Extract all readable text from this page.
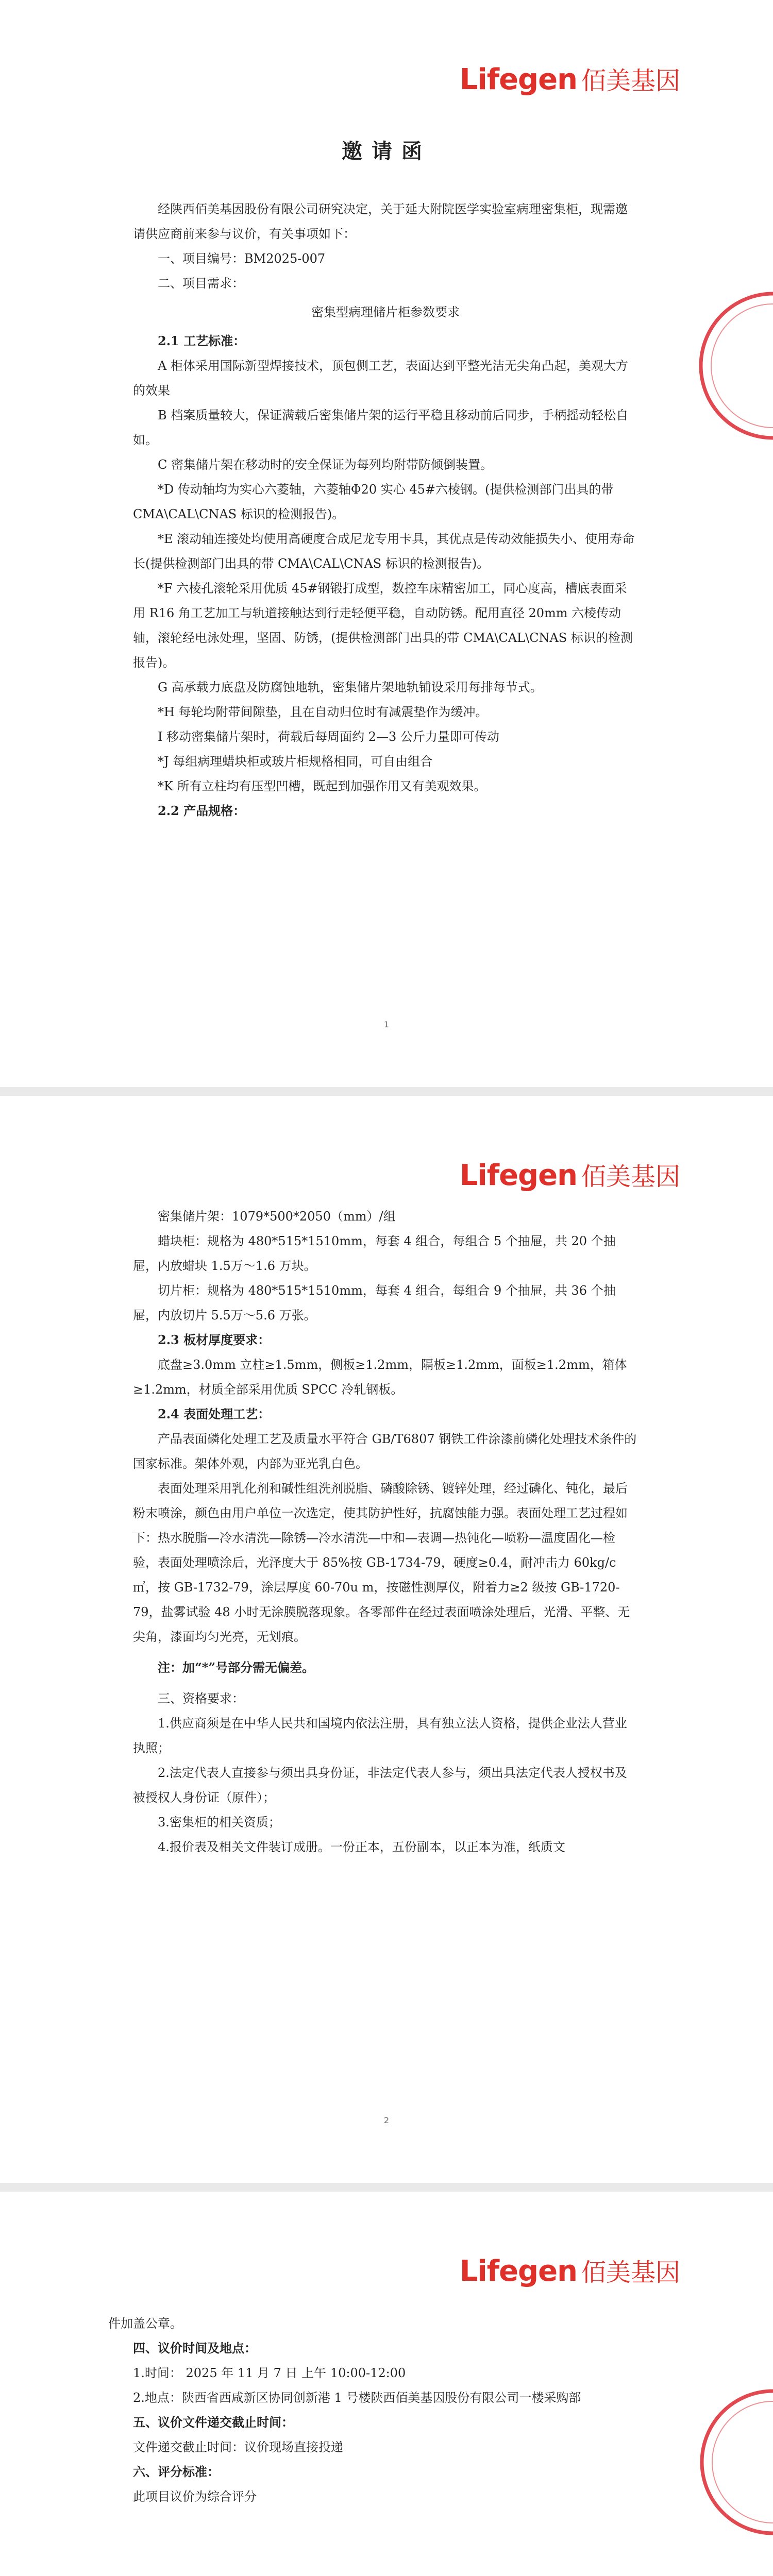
Lifegen 佰美基因
邀请函

经陕西佰美基因股份有限公司研究决定，关于延大附院医学实验室病理密集柜，现需邀请供应商前来参与议价，有关事项如下：

一、项目编号：BM2025-007

二、项目需求：

密集型病理储片柜参数要求

2.1 工艺标准：

A 柜体采用国际新型焊接技术，顶包侧工艺，表面达到平整光洁无尖角凸起，美观大方的效果

B 档案质量较大，保证满载后密集储片架的运行平稳且移动前后同步，手柄摇动轻松自如。

C 密集储片架在移动时的安全保证为每列均附带防倾倒装置。

*D 传动轴均为实心六菱轴，六菱轴Φ20 实心 45#六棱钢。(提供检测部门出具的带 CMA\CAL\CNAS 标识的检测报告)。

*E 滚动轴连接处均使用高硬度合成尼龙专用卡具，其优点是传动效能损失小、使用寿命长(提供检测部门出具的带 CMA\CAL\CNAS 标识的检测报告)。

*F 六棱孔滚轮采用优质 45#钢锻打成型，数控车床精密加工，同心度高，槽底表面采用 R16 角工艺加工与轨道接触达到行走轻便平稳，自动防锈。配用直径 20mm 六棱传动轴，滚轮经电泳处理，坚固、防锈，(提供检测部门出具的带 CMA\CAL\CNAS 标识的检测报告)。

G 高承载力底盘及防腐蚀地轨，密集储片架地轨铺设采用每排每节式。

*H 每轮均附带间隙垫，且在自动归位时有减震垫作为缓冲。

I 移动密集储片架时，荷载后每周面约 2—3 公斤力量即可传动

*J 每组病理蜡块柜或玻片柜规格相同，可自由组合

*K 所有立柱均有压型凹槽，既起到加强作用又有美观效果。

2.2 产品规格：

1
Lifegen 佰美基因

密集储片架：1079*500*2050（mm）/组

蜡块柜：规格为 480*515*1510mm，每套 4 组合，每组合 5 个抽屉，共 20 个抽屉，内放蜡块 1.5万～1.6 万块。

切片柜：规格为 480*515*1510mm，每套 4 组合，每组合 9 个抽屉，共 36 个抽屉，内放切片 5.5万～5.6 万张。

2.3 板材厚度要求：

底盘≥3.0mm 立柱≥1.5mm，侧板≥1.2mm，隔板≥1.2mm，面板≥1.2mm，箱体≥1.2mm，材质全部采用优质 SPCC 冷轧钢板。

2.4 表面处理工艺：

产品表面磷化处理工艺及质量水平符合 GB/T6807 钢铁工件涂漆前磷化处理技术条件的国家标准。架体外观，内部为亚光乳白色。

表面处理采用乳化剂和碱性组洗剂脱脂、磷酸除锈、镀锌处理，经过磷化、钝化，最后粉末喷涂，颜色由用户单位一次选定，使其防护性好，抗腐蚀能力强。表面处理工艺过程如下：热水脱脂—冷水清洗—除锈—冷水清洗—中和—表调—热钝化—喷粉—温度固化—检验，表面处理喷涂后，光泽度大于 85%按 GB-1734-79，硬度≥0.4，耐冲击力 60kg/c㎡，按 GB-1732-79，涂层厚度 60-70u m，按磁性测厚仪，附着力≥2 级按 GB-1720-79，盐雾试验 48 小时无涂膜脱落现象。各零部件在经过表面喷涂处理后，光滑、平整、无尖角，漆面均匀光亮，无划痕。

注：加“*”号部分需无偏差。

三、资格要求：

1.供应商须是在中华人民共和国境内依法注册，具有独立法人资格，提供企业法人营业执照；

2.法定代表人直接参与须出具身份证，非法定代表人参与，须出具法定代表人授权书及被授权人身份证（原件）；

3.密集柜的相关资质；

4.报价表及相关文件装订成册。一份正本，五份副本，以正本为准，纸质文

2
Lifegen 佰美基因

件加盖公章。

四、议价时间及地点：

1.时间： 2025 年 11 月 7 日 上午 10:00-12:00

2.地点：陕西省西咸新区协同创新港 1 号楼陕西佰美基因股份有限公司一楼采购部

五、议价文件递交截止时间：

文件递交截止时间：议价现场直接投递

六、评分标准：

此项目议价为综合评分
